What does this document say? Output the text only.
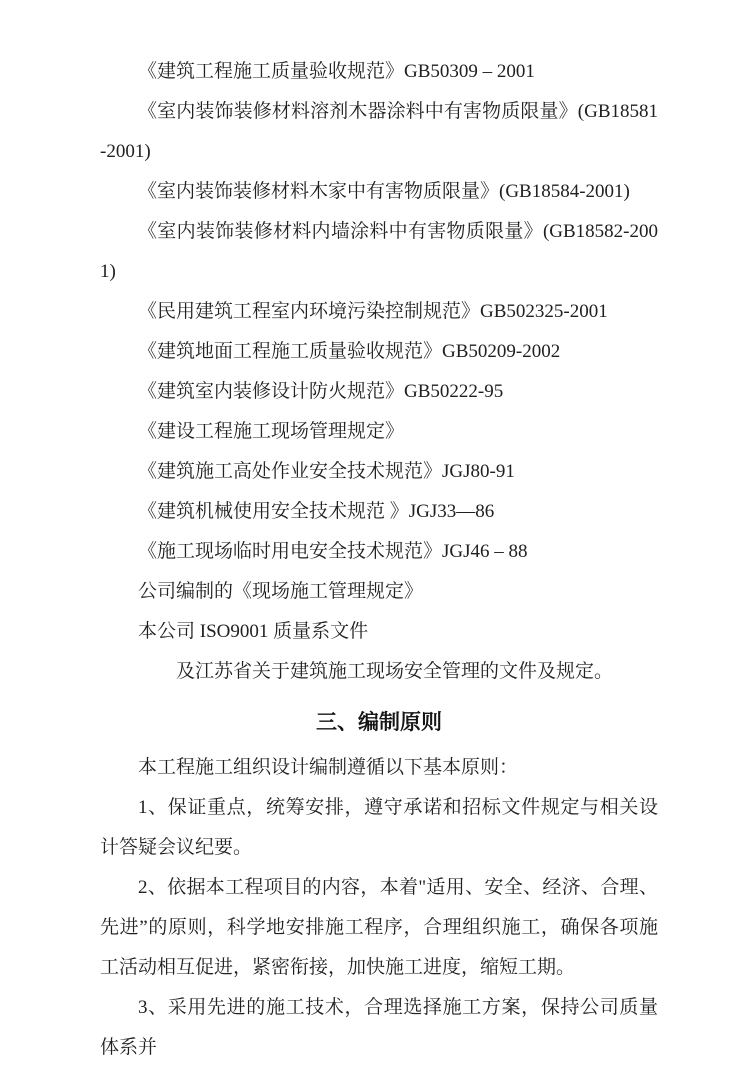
《建筑工程施工质量验收规范》GB50309 – 2001

《室内装饰装修材料溶剂木器涂料中有害物质限量》(GB18581-2001)

《室内装饰装修材料木家中有害物质限量》(GB18584-2001)

《室内装饰装修材料内墙涂料中有害物质限量》(GB18582-2001)

《民用建筑工程室内环境污染控制规范》GB502325-2001

《建筑地面工程施工质量验收规范》GB50209-2002

《建筑室内装修设计防火规范》GB50222-95

《建设工程施工现场管理规定》

《建筑施工高处作业安全技术规范》JGJ80-91

《建筑机械使用安全技术规范 》JGJ33—86

《施工现场临时用电安全技术规范》JGJ46 – 88

公司编制的《现场施工管理规定》

本公司 ISO9001 质量系文件

及江苏省关于建筑施工现场安全管理的文件及规定。

三、编制原则

本工程施工组织设计编制遵循以下基本原则：

1、保证重点，统筹安排，遵守承诺和招标文件规定与相关设计答疑会议纪要。

2、依据本工程项目的内容，本着"适用、安全、经济、合理、先进”的原则，科学地安排施工程序，合理组织施工，确保各项施工活动相互促进，紧密衔接，加快施工进度，缩短工期。

3、采用先进的施工技术，合理选择施工方案，保持公司质量体系并
